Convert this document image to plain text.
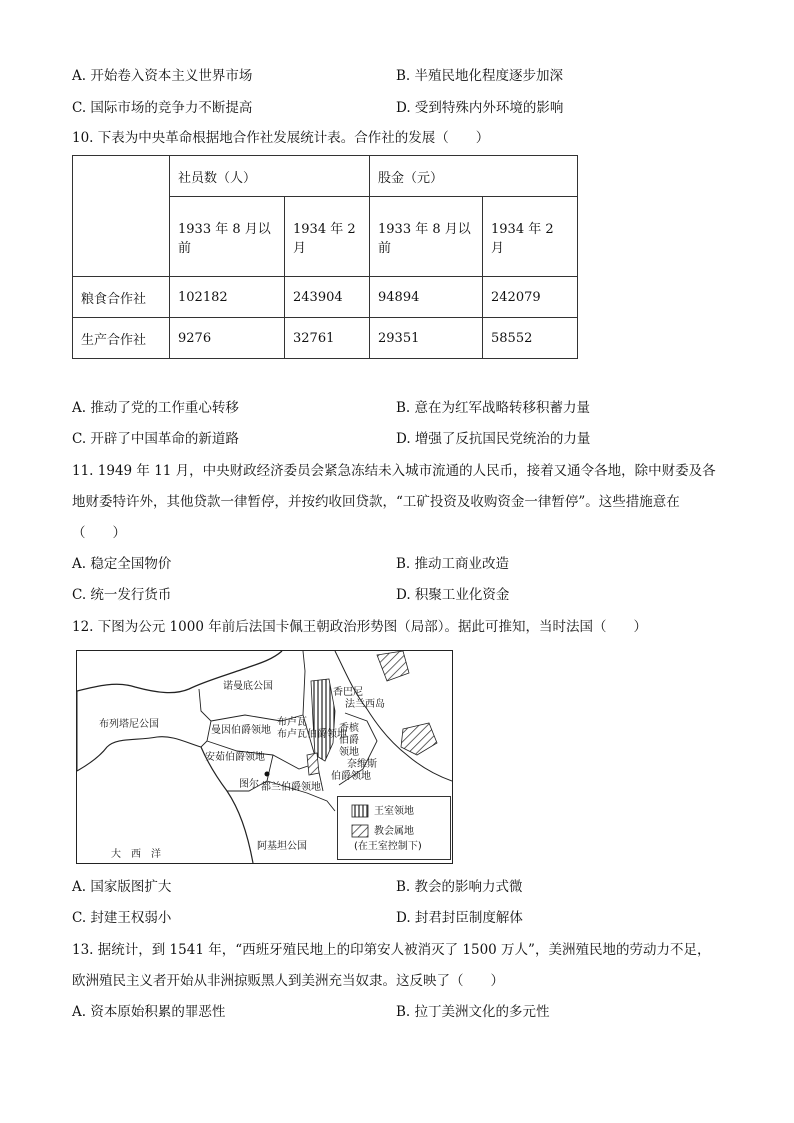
A. 开始卷入资本主义世界市场	B. 半殖民地化程度逐步加深
C. 国际市场的竞争力不断提高	D. 受到特殊内外环境的影响
10. 下表为中央革命根据地合作社发展统计表。合作社的发展（　　）
	社员数（人）		股金（元）	
	1933 年 8 月以前	1934 年 2 月	1933 年 8 月以前	1934 年 2 月
粮食合作社	102182	243904	94894	242079
生产合作社	9276	32761	29351	58552
A. 推动了党的工作重心转移	B. 意在为红军战略转移积蓄力量
C. 开辟了中国革命的新道路	D. 增强了反抗国民党统治的力量
11. 1949 年 11 月，中央财政经济委员会紧急冻结未入城市流通的人民币，接着又通令各地，除中财委及各
地财委特许外，其他贷款一律暂停，并按约收回贷款，“工矿投资及收购资金一律暂停”。这些措施意在
（　　）
A. 稳定全国物价	B. 推动工商业改造
C. 统一发行货币	D. 积聚工业化资金
12. 下图为公元 1000 年前后法国卡佩王朝政治形势图（局部）。据此可推知，当时法国（　　）
诺曼底公国
布列塔尼公国
曼因伯爵领地
安茹伯爵领地
布卢瓦
布卢瓦伯爵领地
香巴尼
法兰西岛
香槟
伯爵
领地
奈维斯
伯爵领地
图尔 都兰伯爵领地
阿基坦公国
大　西　洋
王室领地
教会属地
(在王室控制下)
A. 国家版图扩大	B. 教会的影响力式微
C. 封建王权弱小	D. 封君封臣制度解体
13. 据统计，到 1541 年，“西班牙殖民地上的印第安人被消灭了 1500 万人”，美洲殖民地的劳动力不足，
欧洲殖民主义者开始从非洲掠贩黑人到美洲充当奴隶。这反映了（　　）
A. 资本原始积累的罪恶性	B. 拉丁美洲文化的多元性
